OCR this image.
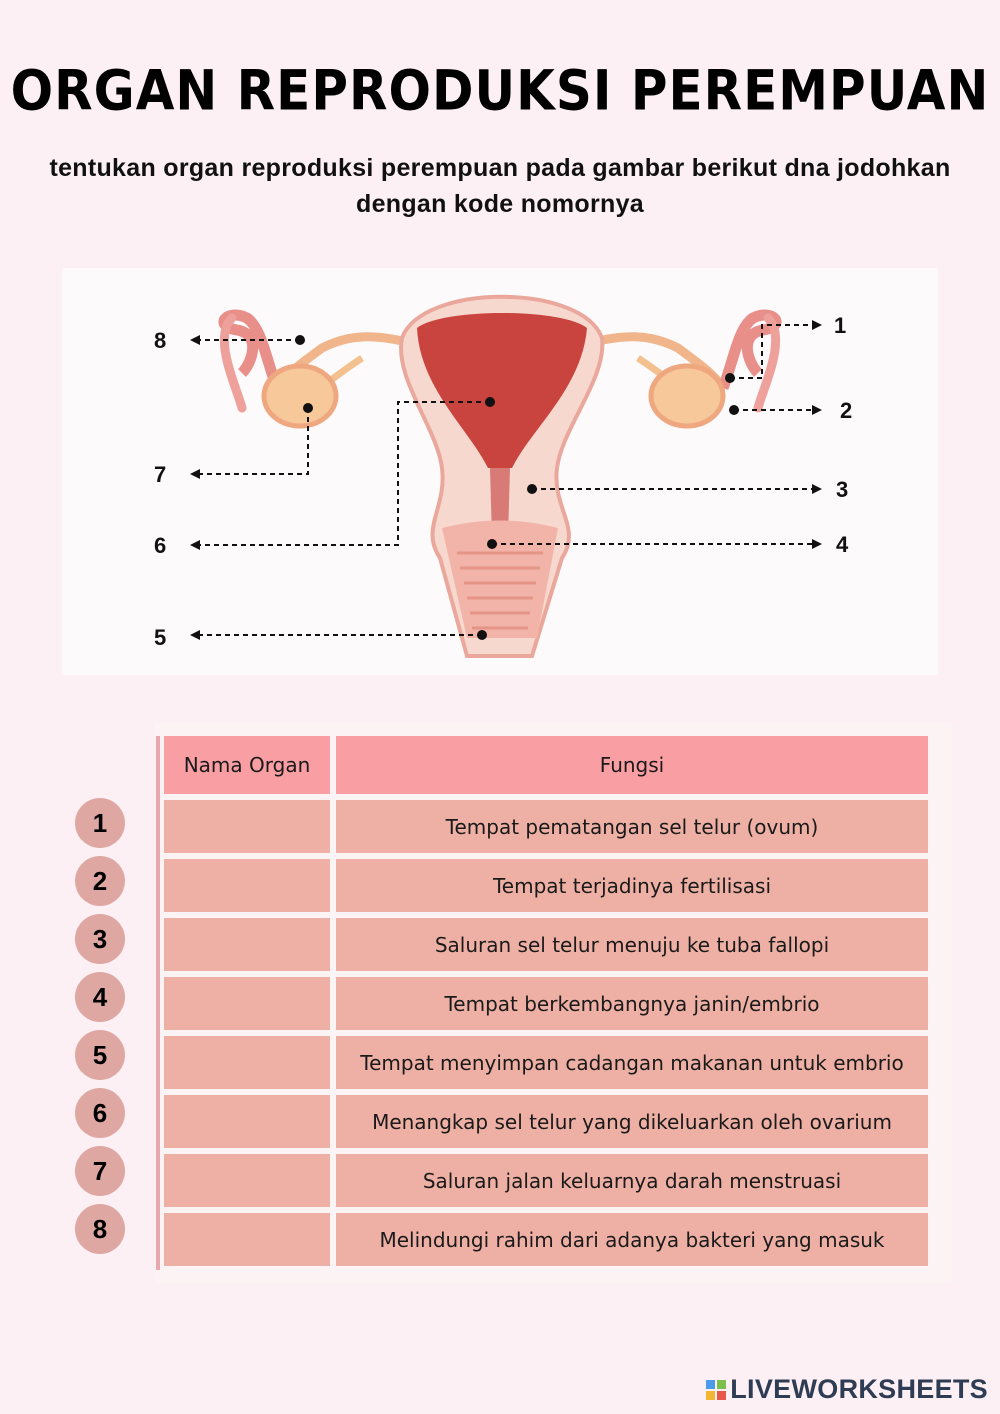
ORGAN REPRODUKSI PEREMPUAN
tentukan organ reproduksi perempuan pada gambar berikut dna jodohkan dengan kode nomornya
8
7
6
5
1
2
3
4
Nama Organ	Fungsi
1	Tempat pematangan sel telur (ovum)
2	Tempat terjadinya fertilisasi
3	Saluran sel telur menuju ke tuba fallopi
4	Tempat berkembangnya janin/embrio
5	Tempat menyimpan cadangan makanan untuk embrio
6	Menangkap sel telur yang dikeluarkan oleh ovarium
7	Saluran jalan keluarnya darah menstruasi
8	Melindungi rahim dari adanya bakteri yang masuk
LIVEWORKSHEETS
